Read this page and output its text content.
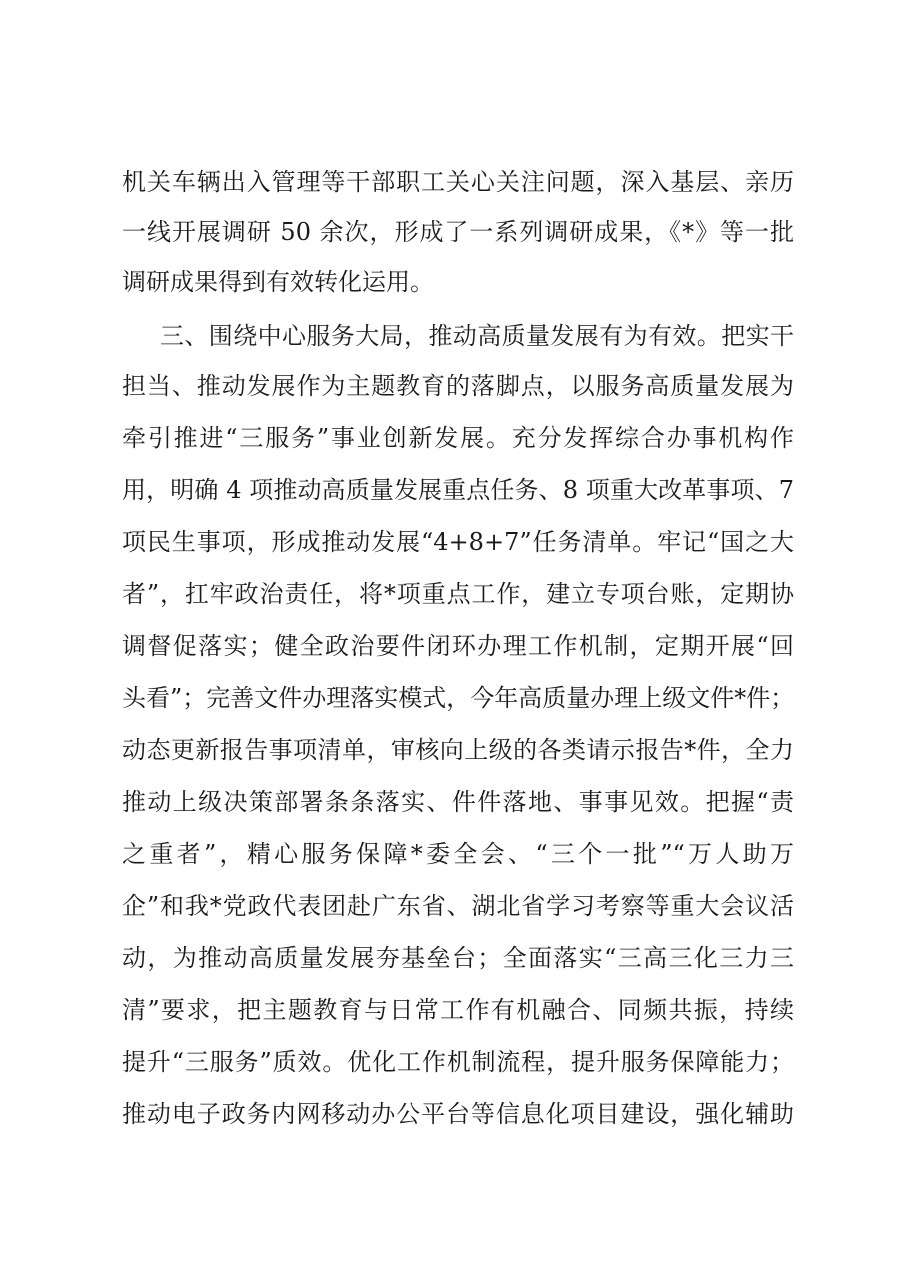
机关车辆出入管理等干部职工关心关注问题，深入基层、亲历
一线开展调研 50 余次，形成了一系列调研成果，《*》等一批
调研成果得到有效转化运用。
三、围绕中心服务大局，推动高质量发展有为有效。把实干
担当、推动发展作为主题教育的落脚点，以服务高质量发展为
牵引推进“三服务”事业创新发展。充分发挥综合办事机构作
用，明确 4 项推动高质量发展重点任务、8 项重大改革事项、7
项民生事项，形成推动发展“4+8+7”任务清单。牢记“国之大
者”，扛牢政治责任，将*项重点工作，建立专项台账，定期协
调督促落实；健全政治要件闭环办理工作机制，定期开展“回
头看”；完善文件办理落实模式，今年高质量办理上级文件*件；
动态更新报告事项清单，审核向上级的各类请示报告*件，全力
推动上级决策部署条条落实、件件落地、事事见效。把握“责
之重者”，精心服务保障*委全会、“三个一批”“万人助万
企”和我*党政代表团赴广东省、湖北省学习考察等重大会议活
动，为推动高质量发展夯基垒台；全面落实“三高三化三力三
清”要求，把主题教育与日常工作有机融合、同频共振，持续
提升“三服务”质效。优化工作机制流程，提升服务保障能力；
推动电子政务内网移动办公平台等信息化项目建设，强化辅助
